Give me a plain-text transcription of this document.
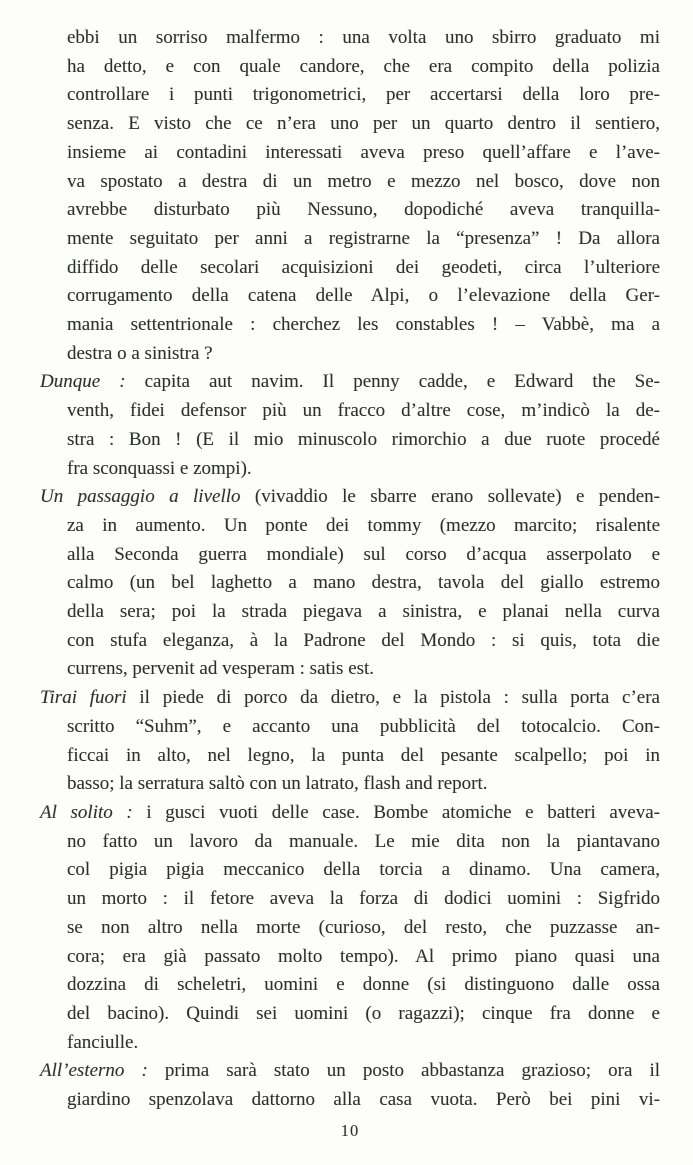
ebbi un sorriso malfermo : una volta uno sbirro graduato mi
ha detto, e con quale candore, che era compito della polizia
controllare i punti trigonometrici, per accertarsi della loro pre-
senza. E visto che ce n’era uno per un quarto dentro il sentiero,
insieme ai contadini interessati aveva preso quell’affare e l’ave-
va spostato a destra di un metro e mezzo nel bosco, dove non
avrebbe disturbato più Nessuno, dopodiché aveva tranquilla-
mente seguitato per anni a registrarne la “presenza” ! Da allora
diffido delle secolari acquisizioni dei geodeti, circa l’ulteriore
corrugamento della catena delle Alpi, o l’elevazione della Ger-
mania settentrionale : cherchez les constables ! – Vabbè, ma a
destra o a sinistra ?
Dunque : capita aut navim. Il penny cadde, e Edward the Se-
venth, fidei defensor più un fracco d’altre cose, m’indicò la de-
stra : Bon ! (E il mio minuscolo rimorchio a due ruote procedé
fra sconquassi e zompi).
Un passaggio a livello (vivaddio le sbarre erano sollevate) e penden-
za in aumento. Un ponte dei tommy (mezzo marcito; risalente
alla Seconda guerra mondiale) sul corso d’acqua asserpolato e
calmo (un bel laghetto a mano destra, tavola del giallo estremo
della sera; poi la strada piegava a sinistra, e planai nella curva
con stufa eleganza, à la Padrone del Mondo : si quis, tota die
currens, pervenit ad vesperam : satis est.
Tirai fuori il piede di porco da dietro, e la pistola : sulla porta c’era
scritto “Suhm”, e accanto una pubblicità del totocalcio. Con-
ficcai in alto, nel legno, la punta del pesante scalpello; poi in
basso; la serratura saltò con un latrato, flash and report.
Al solito : i gusci vuoti delle case. Bombe atomiche e batteri aveva-
no fatto un lavoro da manuale. Le mie dita non la piantavano
col pigia pigia meccanico della torcia a dinamo. Una camera,
un morto : il fetore aveva la forza di dodici uomini : Sigfrido
se non altro nella morte (curioso, del resto, che puzzasse an-
cora; era già passato molto tempo). Al primo piano quasi una
dozzina di scheletri, uomini e donne (si distinguono dalle ossa
del bacino). Quindi sei uomini (o ragazzi); cinque fra donne e
fanciulle.
All’esterno : prima sarà stato un posto abbastanza grazioso; ora il
giardino spenzolava dattorno alla casa vuota. Però bei pini vi-
10
